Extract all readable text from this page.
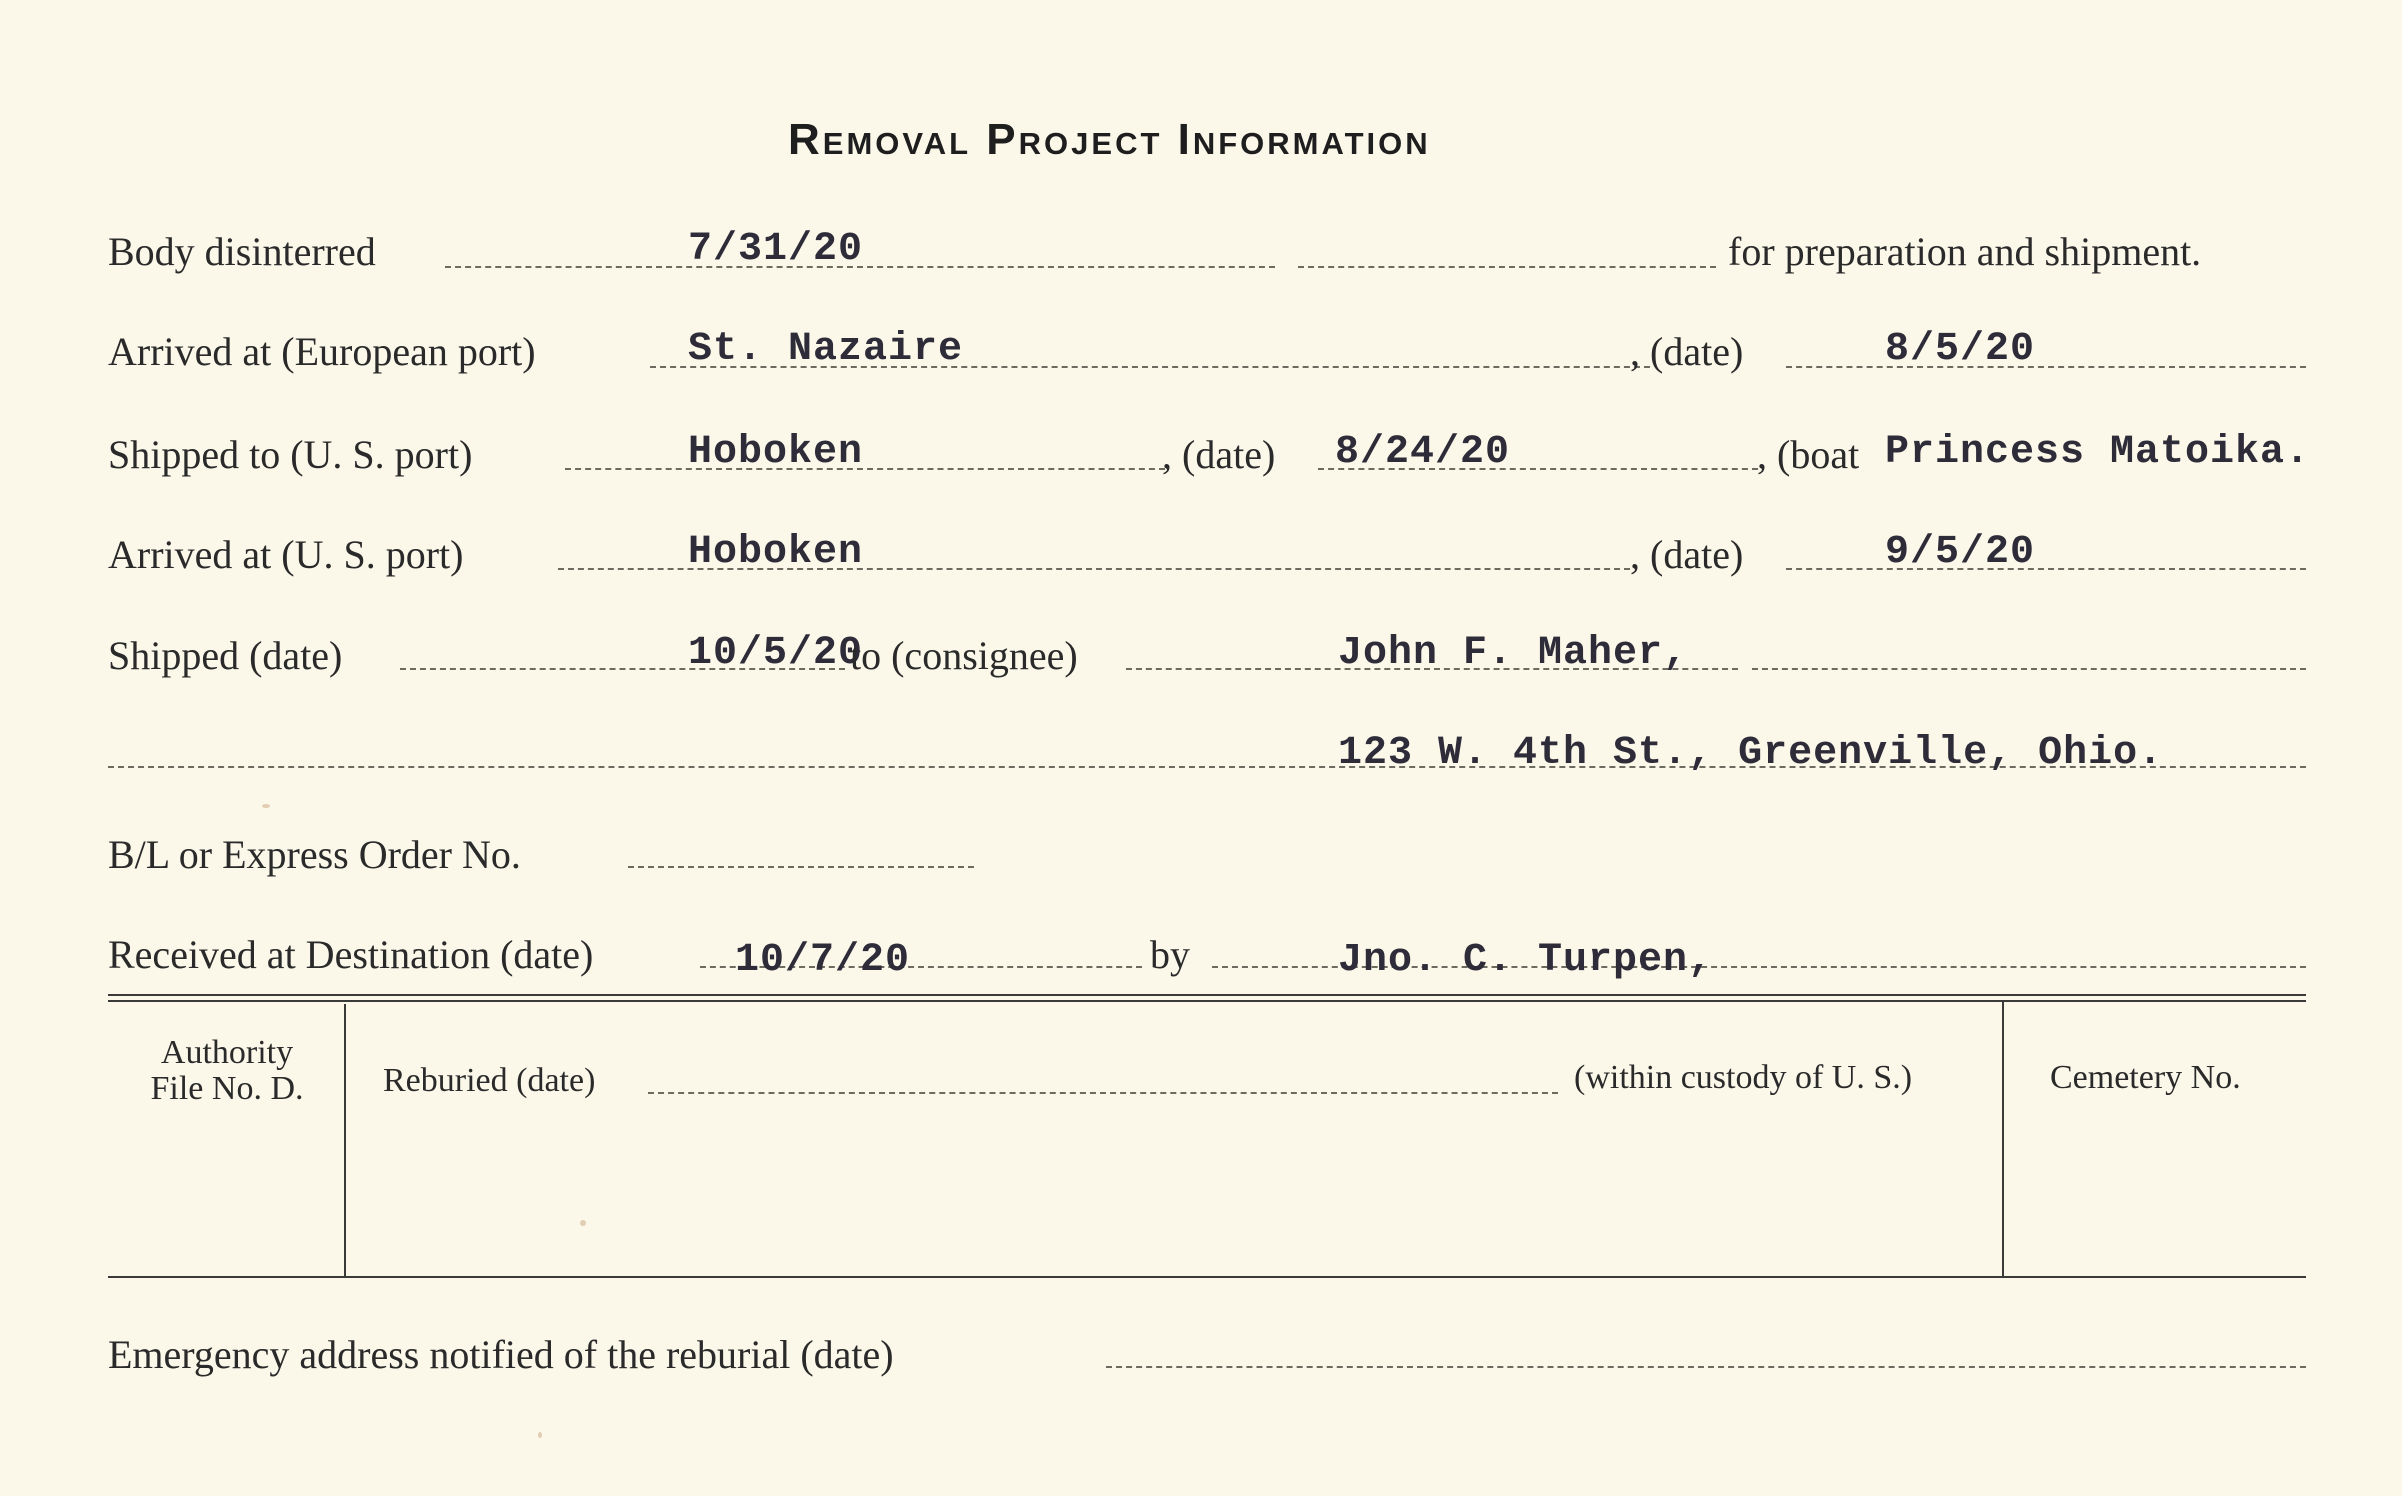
Removal Project Information
Body disinterred	7/31/20	for preparation and shipment.
Arrived at (European port)	St. Nazaire	, (date)	8/5/20
Shipped to (U. S. port)	Hoboken	, (date) 8/24/20	, (boat Princess Matoika.
Arrived at (U. S. port)	Hoboken	, (date)	9/5/20
Shipped (date)	10/5/20
to (consignee)	John F. Maher,
123 W. 4th St., Greenville, Ohio.
B/L or Express Order No.
Received at Destination (date)	10/7/20	by	Jno. C. Turpen,
Authority
File No. D.	Reburied (date)	(within custody of U. S.)	Cemetery No.
Emergency address notified of the reburial (date)
